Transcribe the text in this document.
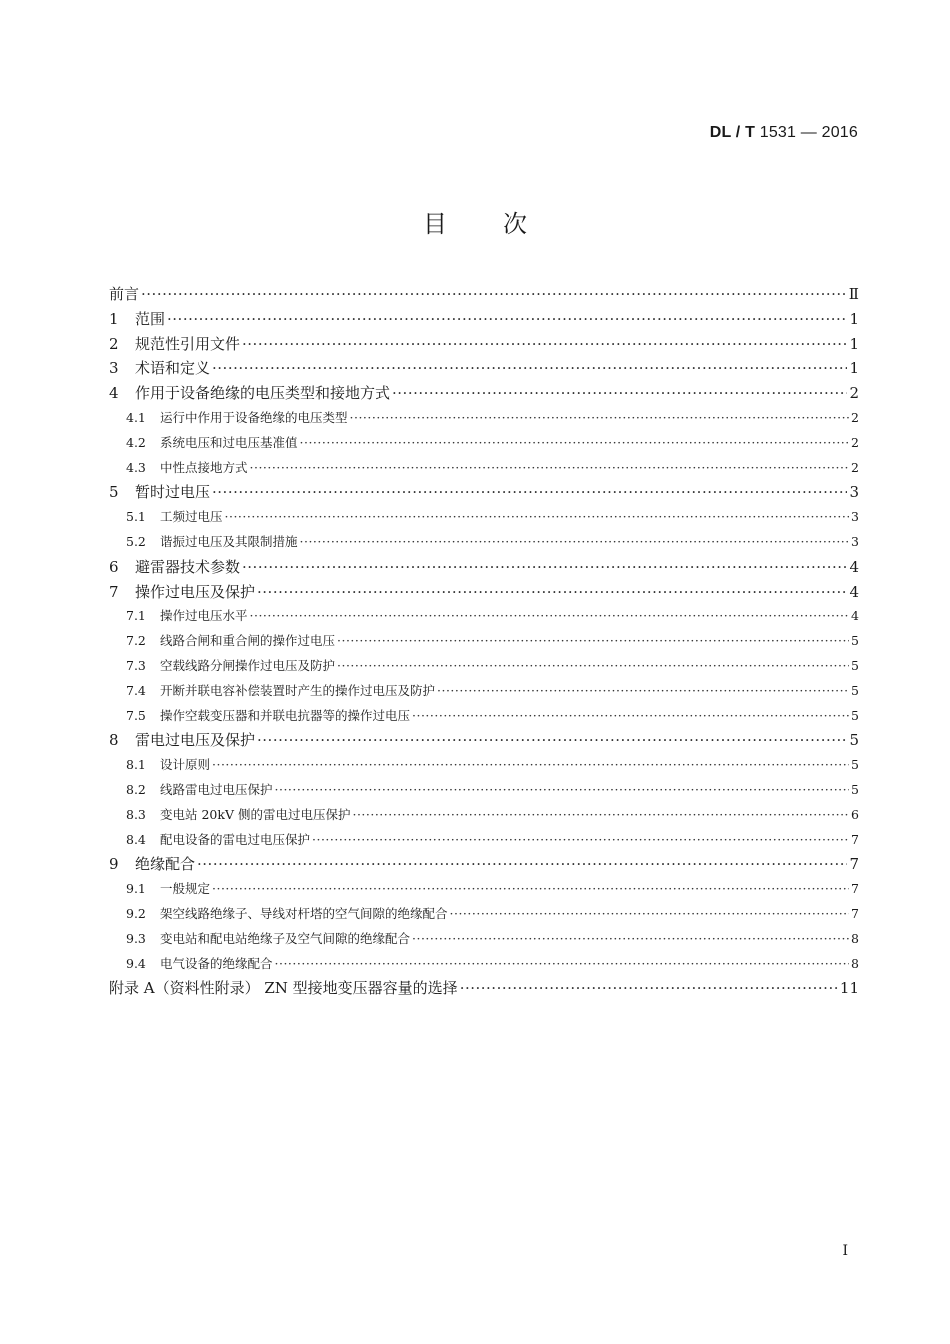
DL / T 1531 — 2016
目次
前言 ·····	Ⅱ
1	范围 ·····	1
2	规范性引用文件 ·····	1
3	术语和定义 ·····	1
4	作用于设备绝缘的电压类型和接地方式 ·····	2
4.1	运行中作用于设备绝缘的电压类型 ·····	2
4.2	系统电压和过电压基准值 ·····	2
4.3	中性点接地方式 ·····	2
5	暂时过电压 ·····	3
5.1	工频过电压 ·····	3
5.2	谐振过电压及其限制措施 ·····	3
6	避雷器技术参数 ·····	4
7	操作过电压及保护 ·····	4
7.1	操作过电压水平 ·····	4
7.2	线路合闸和重合闸的操作过电压 ·····	5
7.3	空载线路分闸操作过电压及防护 ·····	5
7.4	开断并联电容补偿装置时产生的操作过电压及防护 ·····	5
7.5	操作空载变压器和并联电抗器等的操作过电压 ·····	5
8	雷电过电压及保护 ·····	5
8.1	设计原则 ·····	5
8.2	线路雷电过电压保护 ·····	5
8.3	变电站 20kV 侧的雷电过电压保护 ·····	6
8.4	配电设备的雷电过电压保护 ·····	7
9	绝缘配合 ·····	7
9.1	一般规定 ·····	7
9.2	架空线路绝缘子、导线对杆塔的空气间隙的绝缘配合 ·····	7
9.3	变电站和配电站绝缘子及空气间隙的绝缘配合 ·····	8
9.4	电气设备的绝缘配合 ·····	8
附录 A（资料性附录） ZN 型接地变压器容量的选择 ·····	11
I
